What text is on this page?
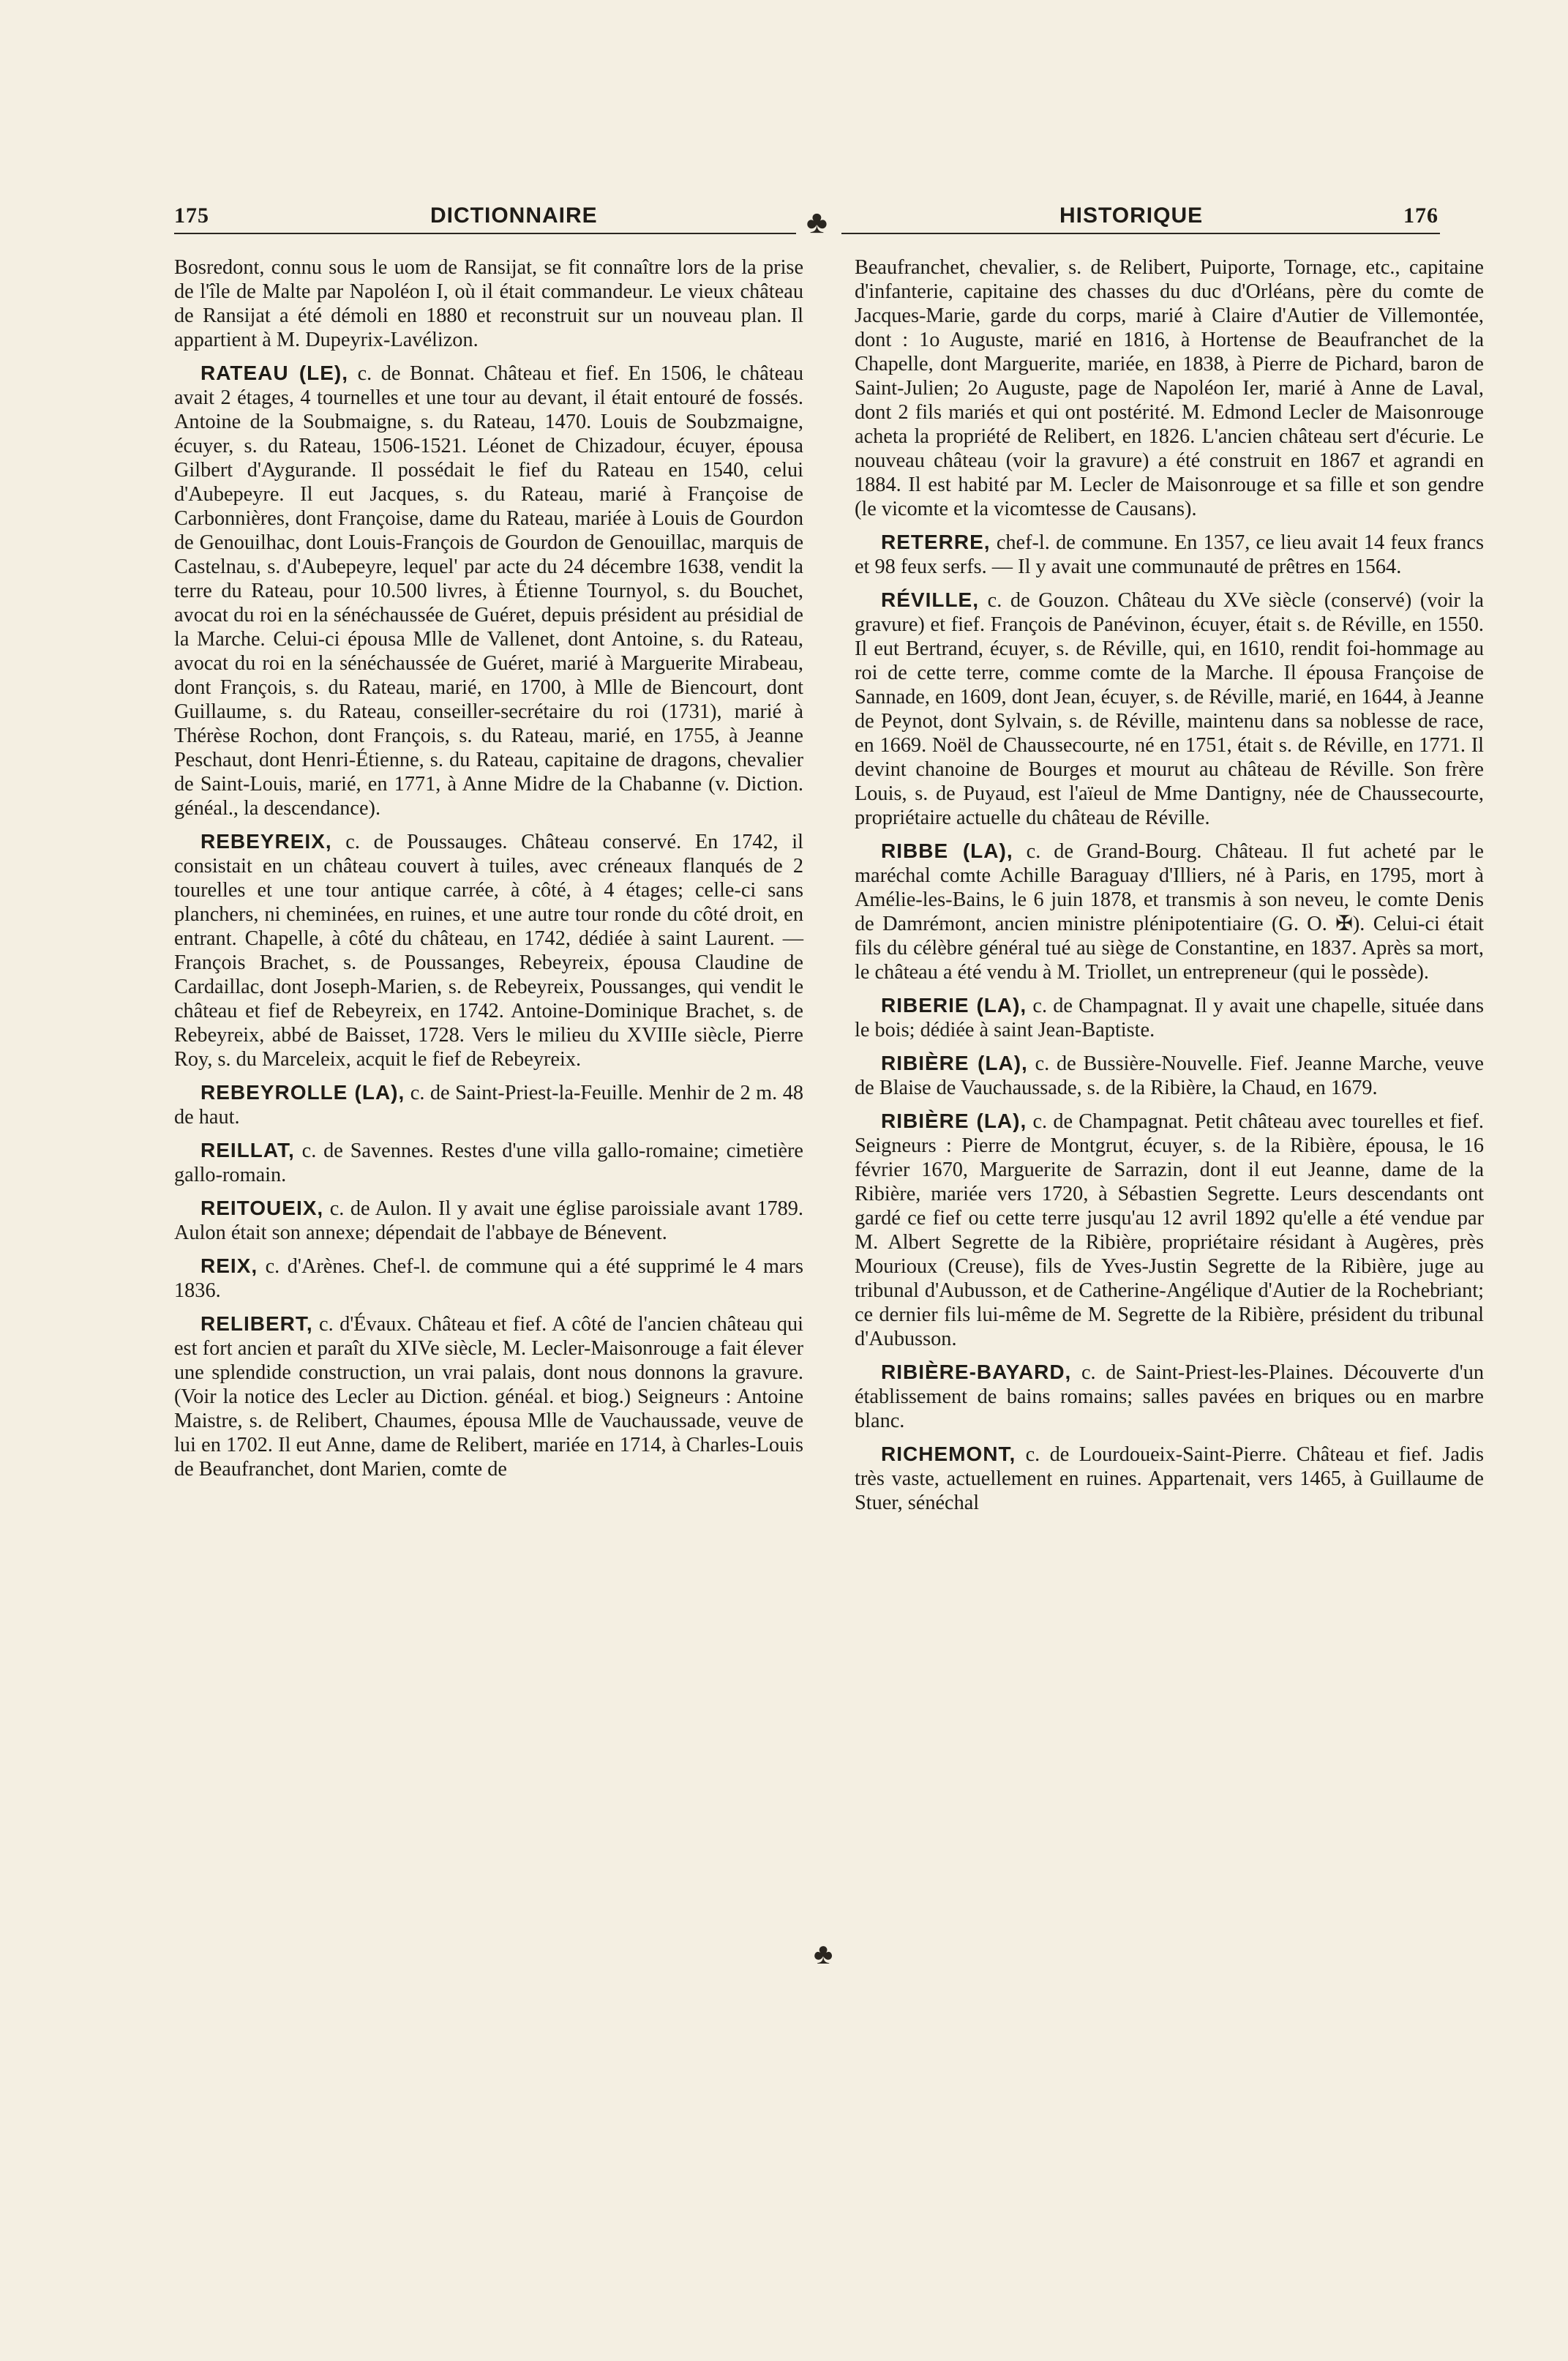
175	DICTIONNAIRE	♣	HISTORIQUE	176

Bosredont, connu sous le uom de Ransijat, se fit connaître lors de la prise de l'île de Malte par Napoléon I, où il était commandeur. Le vieux château de Ransijat a été démoli en 1880 et reconstruit sur un nouveau plan. Il appartient à M. Dupeyrix-Lavélizon.

RATEAU (LE), c. de Bonnat. Château et fief. En 1506, le château avait 2 étages, 4 tournelles et une tour au devant, il était entouré de fossés. Antoine de la Soubmaigne, s. du Rateau, 1470. Louis de Soubzmaigne, écuyer, s. du Rateau, 1506-1521. Léonet de Chizadour, écuyer, épousa Gilbert d'Aygurande. Il possédait le fief du Rateau en 1540, celui d'Aubepeyre. Il eut Jacques, s. du Rateau, marié à Françoise de Carbonnières, dont Françoise, dame du Rateau, mariée à Louis de Gourdon de Genouilhac, dont Louis-François de Gourdon de Genouillac, marquis de Castelnau, s. d'Aubepeyre, lequel' par acte du 24 décembre 1638, vendit la terre du Rateau, pour 10.500 livres, à Étienne Tournyol, s. du Bouchet, avocat du roi en la sénéchaussée de Guéret, depuis président au présidial de la Marche. Celui-ci épousa Mlle de Vallenet, dont Antoine, s. du Rateau, avocat du roi en la sénéchaussée de Guéret, marié à Marguerite Mirabeau, dont François, s. du Rateau, marié, en 1700, à Mlle de Biencourt, dont Guillaume, s. du Rateau, conseiller-secrétaire du roi (1731), marié à Thérèse Rochon, dont François, s. du Rateau, marié, en 1755, à Jeanne Peschaut, dont Henri-Étienne, s. du Rateau, capitaine de dragons, chevalier de Saint-Louis, marié, en 1771, à Anne Midre de la Chabanne (v. Diction. généal., la descendance).

REBEYREIX, c. de Poussauges. Château conservé. En 1742, il consistait en un château couvert à tuiles, avec créneaux flanqués de 2 tourelles et une tour antique carrée, à côté, à 4 étages; celle-ci sans planchers, ni cheminées, en ruines, et une autre tour ronde du côté droit, en entrant. Chapelle, à côté du château, en 1742, dédiée à saint Laurent. — François Brachet, s. de Poussanges, Rebeyreix, épousa Claudine de Cardaillac, dont Joseph-Marien, s. de Rebeyreix, Poussanges, qui vendit le château et fief de Rebeyreix, en 1742. Antoine-Dominique Brachet, s. de Rebeyreix, abbé de Baisset, 1728. Vers le milieu du XVIIIe siècle, Pierre Roy, s. du Marceleix, acquit le fief de Rebeyreix.

REBEYROLLE (LA), c. de Saint-Priest-la-Feuille. Menhir de 2 m. 48 de haut.

REILLAT, c. de Savennes. Restes d'une villa gallo-romaine; cimetière gallo-romain.

REITOUEIX, c. de Aulon. Il y avait une église paroissiale avant 1789. Aulon était son annexe; dépendait de l'abbaye de Bénevent.

REIX, c. d'Arènes. Chef-l. de commune qui a été supprimé le 4 mars 1836.

RELIBERT, c. d'Évaux. Château et fief. A côté de l'ancien château qui est fort ancien et paraît du XIVe siècle, M. Lecler-Maisonrouge a fait élever une splendide construction, un vrai palais, dont nous donnons la gravure. (Voir la notice des Lecler au Diction. généal. et biog.) Seigneurs : Antoine Maistre, s. de Relibert, Chaumes, épousa Mlle de Vauchaussade, veuve de lui en 1702. Il eut Anne, dame de Relibert, mariée en 1714, à Charles-Louis de Beaufranchet, dont Marien, comte de

Beaufranchet, chevalier, s. de Relibert, Puiporte, Tornage, etc., capitaine d'infanterie, capitaine des chasses du duc d'Orléans, père du comte de Jacques-Marie, garde du corps, marié à Claire d'Autier de Villemontée, dont : 1o Auguste, marié en 1816, à Hortense de Beaufranchet de la Chapelle, dont Marguerite, mariée, en 1838, à Pierre de Pichard, baron de Saint-Julien; 2o Auguste, page de Napoléon Ier, marié à Anne de Laval, dont 2 fils mariés et qui ont postérité. M. Edmond Lecler de Maisonrouge acheta la propriété de Relibert, en 1826. L'ancien château sert d'écurie. Le nouveau château (voir la gravure) a été construit en 1867 et agrandi en 1884. Il est habité par M. Lecler de Maisonrouge et sa fille et son gendre (le vicomte et la vicomtesse de Causans).

RETERRE, chef-l. de commune. En 1357, ce lieu avait 14 feux francs et 98 feux serfs. — Il y avait une communauté de prêtres en 1564.

RÉVILLE, c. de Gouzon. Château du XVe siècle (conservé) (voir la gravure) et fief. François de Panévinon, écuyer, était s. de Réville, en 1550. Il eut Bertrand, écuyer, s. de Réville, qui, en 1610, rendit foi-hommage au roi de cette terre, comme comte de la Marche. Il épousa Françoise de Sannade, en 1609, dont Jean, écuyer, s. de Réville, marié, en 1644, à Jeanne de Peynot, dont Sylvain, s. de Réville, maintenu dans sa noblesse de race, en 1669. Noël de Chaussecourte, né en 1751, était s. de Réville, en 1771. Il devint chanoine de Bourges et mourut au château de Réville. Son frère Louis, s. de Puyaud, est l'aïeul de Mme Dantigny, née de Chaussecourte, propriétaire actuelle du château de Réville.

RIBBE (LA), c. de Grand-Bourg. Château. Il fut acheté par le maréchal comte Achille Baraguay d'Illiers, né à Paris, en 1795, mort à Amélie-les-Bains, le 6 juin 1878, et transmis à son neveu, le comte Denis de Damrémont, ancien ministre plénipotentiaire (G. O. ✠). Celui-ci était fils du célèbre général tué au siège de Constantine, en 1837. Après sa mort, le château a été vendu à M. Triollet, un entrepreneur (qui le possède).

RIBERIE (LA), c. de Champagnat. Il y avait une chapelle, située dans le bois; dédiée à saint Jean-Baptiste.

RIBIÈRE (LA), c. de Bussière-Nouvelle. Fief. Jeanne Marche, veuve de Blaise de Vauchaussade, s. de la Ribière, la Chaud, en 1679.

RIBIÈRE (LA), c. de Champagnat. Petit château avec tourelles et fief. Seigneurs : Pierre de Montgrut, écuyer, s. de la Ribière, épousa, le 16 février 1670, Marguerite de Sarrazin, dont il eut Jeanne, dame de la Ribière, mariée vers 1720, à Sébastien Segrette. Leurs descendants ont gardé ce fief ou cette terre jusqu'au 12 avril 1892 qu'elle a été vendue par M. Albert Segrette de la Ribière, propriétaire résidant à Augères, près Mourioux (Creuse), fils de Yves-Justin Segrette de la Ribière, juge au tribunal d'Aubusson, et de Catherine-Angélique d'Autier de la Rochebriant; ce dernier fils lui-même de M. Segrette de la Ribière, président du tribunal d'Aubusson.

RIBIÈRE-BAYARD, c. de Saint-Priest-les-Plaines. Découverte d'un établissement de bains romains; salles pavées en briques ou en marbre blanc.

RICHEMONT, c. de Lourdoueix-Saint-Pierre. Château et fief. Jadis très vaste, actuellement en ruines. Appartenait, vers 1465, à Guillaume de Stuer, sénéchal

♣
